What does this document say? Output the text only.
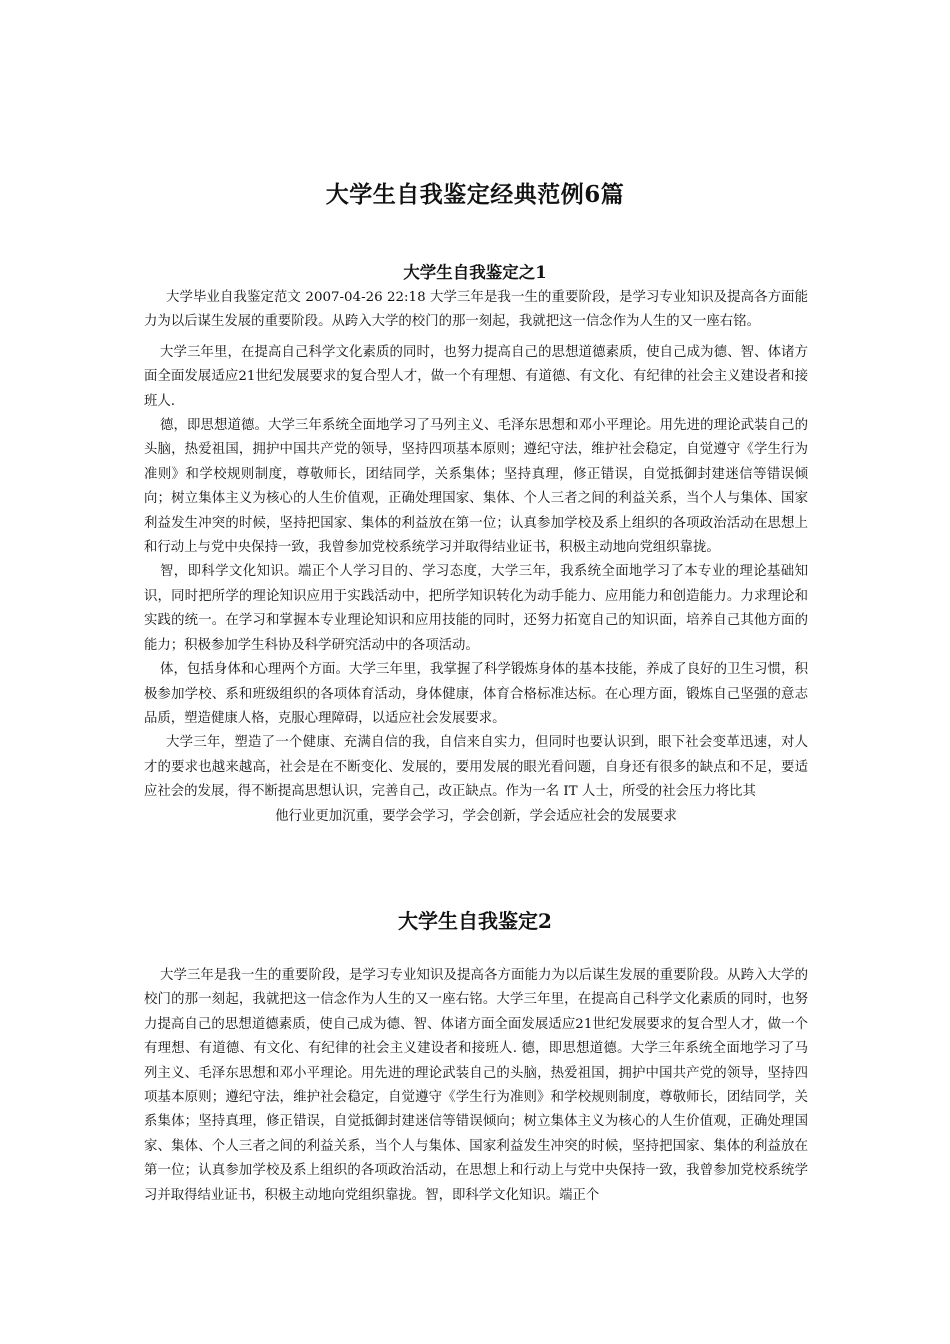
大学生自我鉴定经典范例6篇
大学生自我鉴定之1

大学毕业自我鉴定范文 2007-04-26 22:18 大学三年是我一生的重要阶段，是学习专业知识及提高各方面能力为以后谋生发展的重要阶段。从跨入大学的校门的那一刻起，我就把这一信念作为人生的又一座右铭。

大学三年里，在提高自己科学文化素质的同时，也努力提高自己的思想道德素质，使自己成为德、智、体诸方面全面发展适应21世纪发展要求的复合型人才，做一个有理想、有道德、有文化、有纪律的社会主义建设者和接班人.

德，即思想道德。大学三年系统全面地学习了马列主义、毛泽东思想和邓小平理论。用先进的理论武装自己的头脑，热爱祖国，拥护中国共产党的领导，坚持四项基本原则；遵纪守法，维护社会稳定，自觉遵守《学生行为准则》和学校规则制度，尊敬师长，团结同学，关系集体；坚持真理，修正错误，自觉抵御封建迷信等错误倾向；树立集体主义为核心的人生价值观，正确处理国家、集体、个人三者之间的利益关系，当个人与集体、国家利益发生冲突的时候，坚持把国家、集体的利益放在第一位；认真参加学校及系上组织的各项政治活动在思想上和行动上与党中央保持一致，我曾参加党校系统学习并取得结业证书，积极主动地向党组织靠拢。

智，即科学文化知识。端正个人学习目的、学习态度，大学三年，我系统全面地学习了本专业的理论基础知识，同时把所学的理论知识应用于实践活动中，把所学知识转化为动手能力、应用能力和创造能力。力求理论和实践的统一。在学习和掌握本专业理论知识和应用技能的同时，还努力拓宽自己的知识面，培养自己其他方面的能力；积极参加学生科协及科学研究活动中的各项活动。

体，包括身体和心理两个方面。大学三年里，我掌握了科学锻炼身体的基本技能，养成了良好的卫生习惯，积极参加学校、系和班级组织的各项体育活动，身体健康，体育合格标准达标。在心理方面，锻炼自己坚强的意志品质，塑造健康人格，克服心理障碍，以适应社会发展要求。

大学三年，塑造了一个健康、充满自信的我，自信来自实力，但同时也要认识到，眼下社会变革迅速，对人才的要求也越来越高，社会是在不断变化、发展的，要用发展的眼光看问题，自身还有很多的缺点和不足，要适应社会的发展，得不断提高思想认识，完善自己，改正缺点。作为一名 IT 人士，所受的社会压力将比其

他行业更加沉重，要学会学习，学会创新，学会适应社会的发展要求

大学生自我鉴定2

大学三年是我一生的重要阶段，是学习专业知识及提高各方面能力为以后谋生发展的重要阶段。从跨入大学的校门的那一刻起，我就把这一信念作为人生的又一座右铭。大学三年里，在提高自己科学文化素质的同时，也努力提高自己的思想道德素质，使自己成为德、智、体诸方面全面发展适应21世纪发展要求的复合型人才，做一个有理想、有道德、有文化、有纪律的社会主义建设者和接班人. 德，即思想道德。大学三年系统全面地学习了马列主义、毛泽东思想和邓小平理论。用先进的理论武装自己的头脑，热爱祖国，拥护中国共产党的领导，坚持四项基本原则；遵纪守法，维护社会稳定，自觉遵守《学生行为准则》和学校规则制度，尊敬师长，团结同学，关系集体；坚持真理，修正错误，自觉抵御封建迷信等错误倾向；树立集体主义为核心的人生价值观，正确处理国家、集体、个人三者之间的利益关系，当个人与集体、国家利益发生冲突的时候，坚持把国家、集体的利益放在第一位；认真参加学校及系上组织的各项政治活动，在思想上和行动上与党中央保持一致，我曾参加党校系统学习并取得结业证书，积极主动地向党组织靠拢。智，即科学文化知识。端正个
